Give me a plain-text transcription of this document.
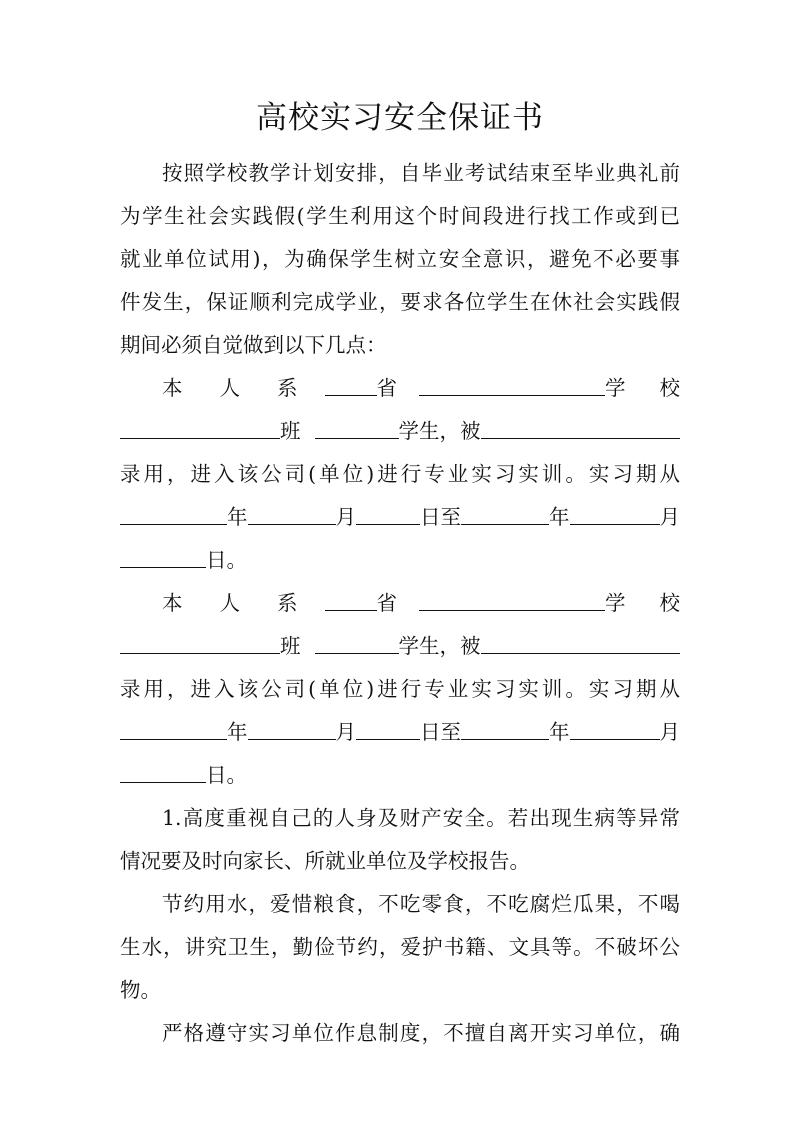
高校实习安全保证书
按照学校教学计划安排，自毕业考试结束至毕业典礼前
为学生社会实践假(学生利用这个时间段进行找工作或到已
就业单位试用)，为确保学生树立安全意识，避免不必要事
件发生，保证顺利完成学业，要求各位学生在休社会实践假
期间必须自觉做到以下几点：
本 人 系	省	学 校
班	学生，被
录用，进入该公司(单位)进行专业实习实训。实习期从
年	月	日至	年	月
日。
本 人 系	省	学 校
班	学生，被
录用，进入该公司(单位)进行专业实习实训。实习期从
年	月	日至	年	月
日。
1.高度重视自己的人身及财产安全。若出现生病等异常
情况要及时向家长、所就业单位及学校报告。
节约用水，爱惜粮食，不吃零食，不吃腐烂瓜果，不喝
生水，讲究卫生，勤俭节约，爱护书籍、文具等。不破坏公
物。
严格遵守实习单位作息制度，不擅自离开实习单位，确
